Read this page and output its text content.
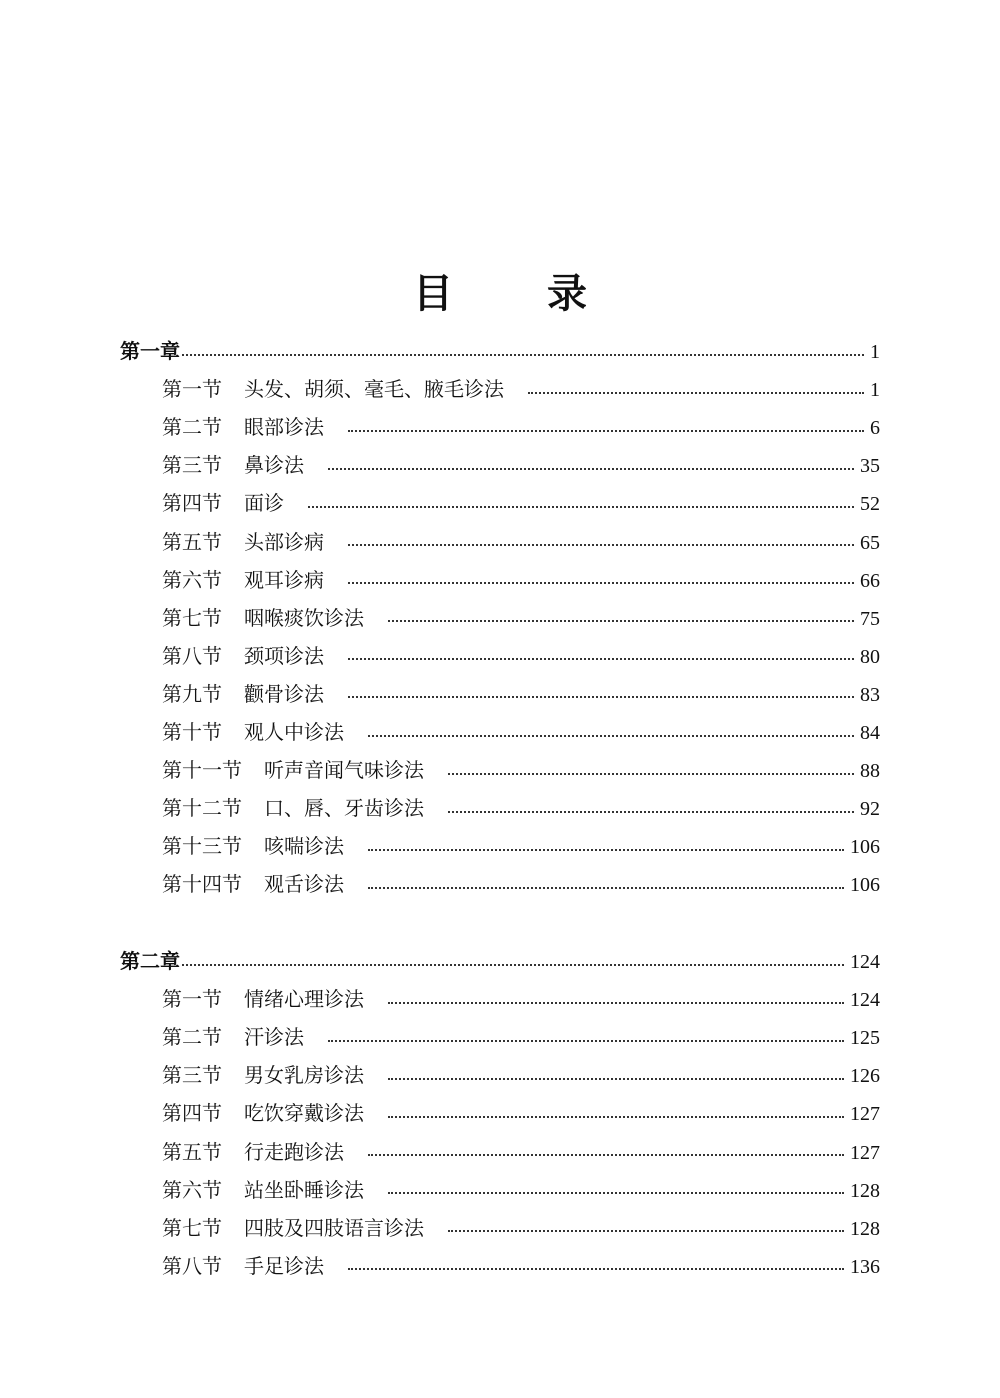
目 录
第一章	1
第一节 头发、胡须、毫毛、腋毛诊法	1
第二节 眼部诊法	6
第三节 鼻诊法	35
第四节 面诊	52
第五节 头部诊病	65
第六节 观耳诊病	66
第七节 咽喉痰饮诊法	75
第八节 颈项诊法	80
第九节 颧骨诊法	83
第十节 观人中诊法	84
第十一节 听声音闻气味诊法	88
第十二节 口、唇、牙齿诊法	92
第十三节 咳喘诊法	106
第十四节 观舌诊法	106
第二章	124
第一节 情绪心理诊法	124
第二节 汗诊法	125
第三节 男女乳房诊法	126
第四节 吃饮穿戴诊法	127
第五节 行走跑诊法	127
第六节 站坐卧睡诊法	128
第七节 四肢及四肢语言诊法	128
第八节 手足诊法	136
